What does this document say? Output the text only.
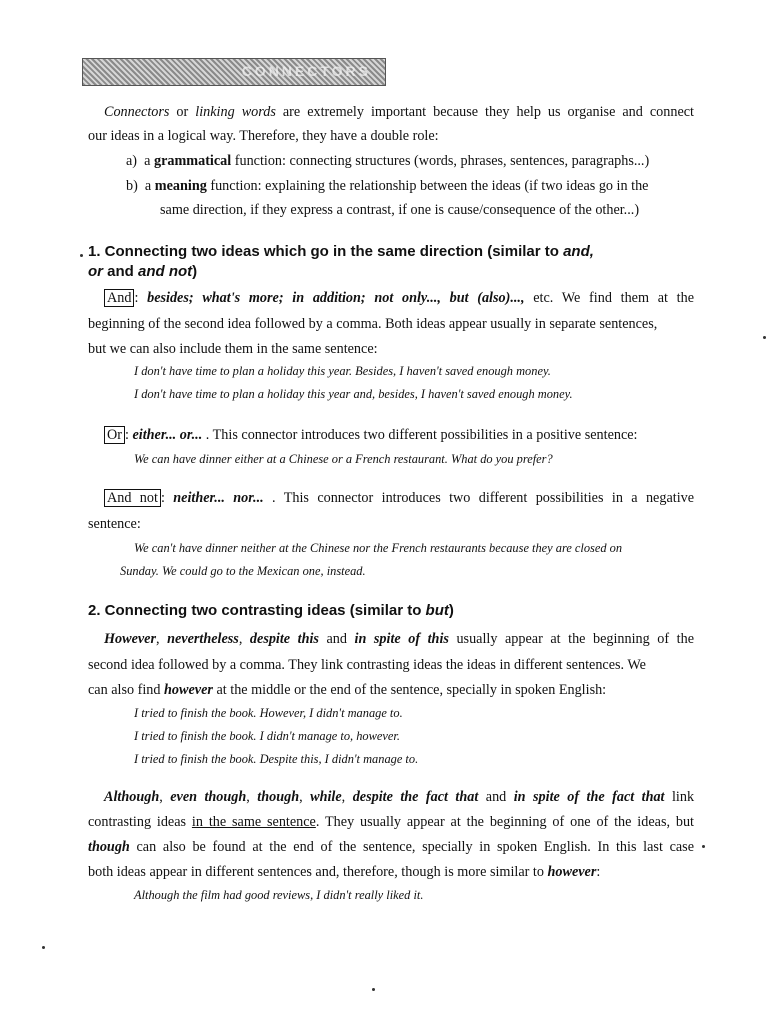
CONNECTORS
Connectors or linking words are extremely important because they help us organise and connect
our ideas in a logical way. Therefore, they have a double role:
a) a grammatical function: connecting structures (words, phrases, sentences, paragraphs...)
b) a meaning function: explaining the relationship between the ideas (if two ideas go in the
same direction, if they express a contrast, if one is cause/consequence of the other...)
1. Connecting two ideas which go in the same direction (similar to and,
or and and not)
And : besides; what's more; in addition; not only..., but (also)..., etc. We find them at the
beginning of the second idea followed by a comma. Both ideas appear usually in separate sentences,
but we can also include them in the same sentence:
I don't have time to plan a holiday this year. Besides, I haven't saved enough money.
I don't have time to plan a holiday this year and, besides, I haven't saved enough money.
Or : either... or... . This connector introduces two different possibilities in a positive sentence:
We can have dinner either at a Chinese or a French restaurant. What do you prefer?
And not : neither... nor... . This connector introduces two different possibilities in a negative
sentence:
We can't have dinner neither at the Chinese nor the French restaurants because they are closed on
Sunday. We could go to the Mexican one, instead.
2. Connecting two contrasting ideas (similar to but)
However, nevertheless, despite this and in spite of this usually appear at the beginning of the
second idea followed by a comma. They link contrasting ideas the ideas in different sentences. We
can also find however at the middle or the end of the sentence, specially in spoken English:
I tried to finish the book. However, I didn't manage to.
I tried to finish the book. I didn't manage to, however.
I tried to finish the book. Despite this, I didn't manage to.
Although, even though, though, while, despite the fact that and in spite of the fact that link
contrasting ideas in the same sentence. They usually appear at the beginning of one of the ideas, but
though can also be found at the end of the sentence, specially in spoken English. In this last case
both ideas appear in different sentences and, therefore, though is more similar to however:
Although the film had good reviews, I didn't really liked it.
